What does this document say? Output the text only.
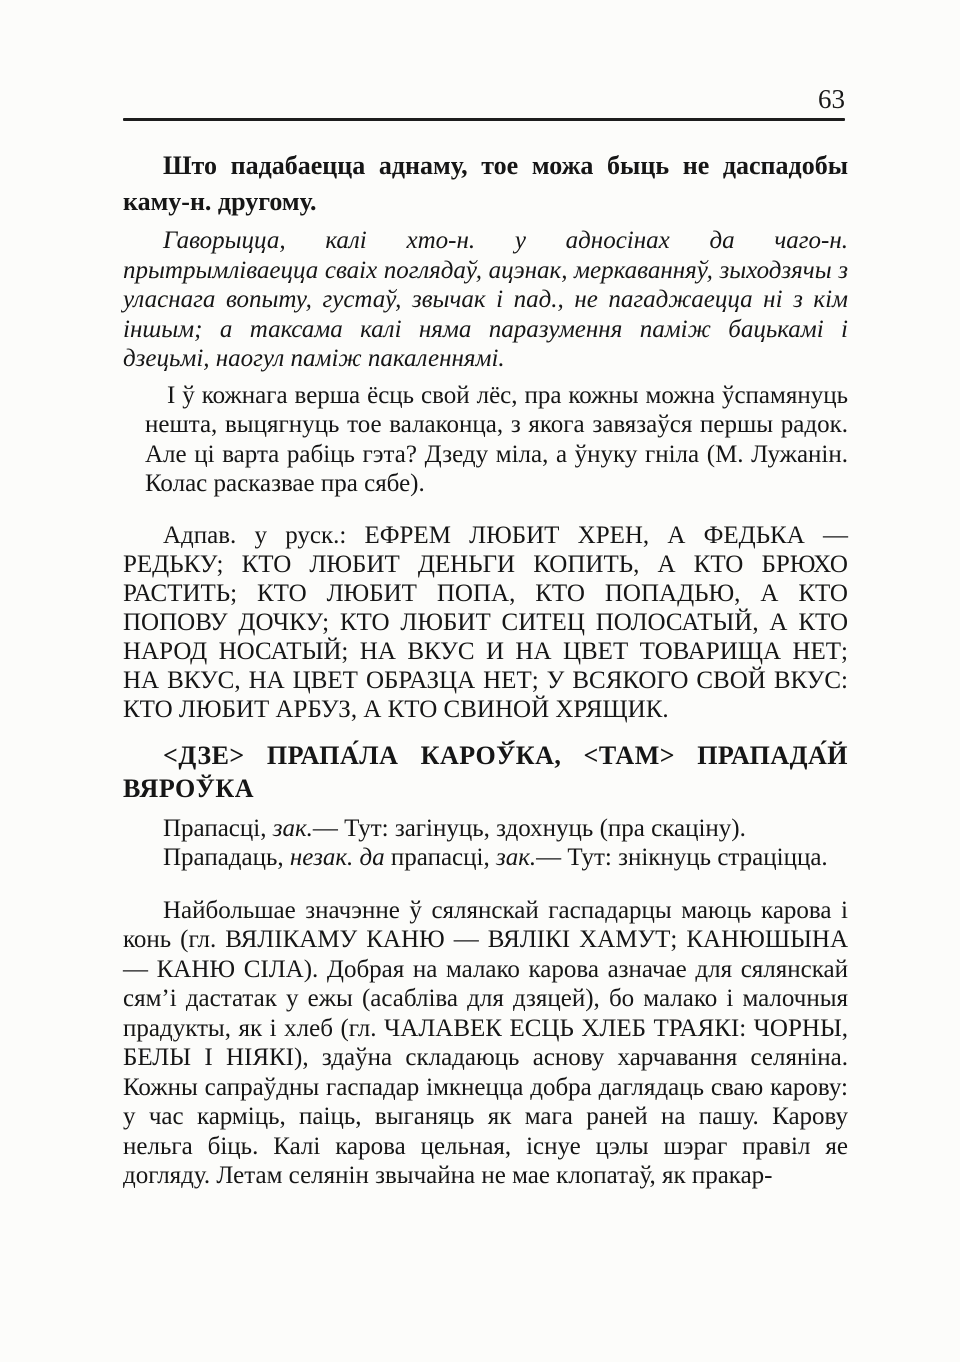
63

Што падабаецца аднаму, тое можа быць не даспадобы каму-н. другому.

Гаворыцца, калі хто-н. у адносінах да чаго-н. прытрымліваецца сваіх поглядаў, ацэнак, меркаванняў, зыходзячы з уласнага вопыту, густаў, звычак і пад., не пагаджаецца ні з кім іншым; а таксама калі няма паразумення паміж бацькамі і дзецьмі, наогул паміж пакаленнямі.

І ў кожнага верша ёсць свой лёс, пра кожны можна ўспамянуць нешта, выцягнуць тое валаконца, з якога завязаўся першы радок. Але ці варта рабіць гэта? Дзеду міла, а ўнуку гніла (М. Лужанін. Колас расказвае пра сябе).

Адпав. у руск.: ЕФРЕМ ЛЮБИТ ХРЕН, А ФЕДЬКА — РЕДЬКУ; КТО ЛЮБИТ ДЕНЬГИ КОПИТЬ, А КТО БРЮХО РАСТИТЬ; КТО ЛЮБИТ ПОПА, КТО ПОПАДЬЮ, А КТО ПОПОВУ ДОЧКУ; КТО ЛЮБИТ СИТЕЦ ПОЛОСАТЫЙ, А КТО НАРОД НОСАТЫЙ; НА ВКУС И НА ЦВЕТ ТОВАРИЩА НЕТ; НА ВКУС, НА ЦВЕТ ОБРАЗЦА НЕТ; У ВСЯКОГО СВОЙ ВКУС: КТО ЛЮБИТ АРБУЗ, А КТО СВИНОЙ ХРЯЩИК.

<ДЗЕ> ПРАПА́ЛА КАРОЎ́КА, <ТАМ> ПРАПАДА́Й ВЯРОЎКА

Прапасці, зак.— Тут: загінуць, здохнуць (пра скаціну).

Прападаць, незак. да прапасці, зак.— Тут: знікнуць страціцца.

Найбольшае значэнне ў сялянскай гаспадарцы маюць карова і конь (гл. ВЯЛІКАМУ КАНЮ — ВЯЛІКІ ХАМУТ; КАНЮШЫНА — КАНЮ СІЛА). Добрая на малако карова азначае для сялянскай сям’і дастатак у ежы (асабліва для дзяцей), бо малако і малочныя прадукты, як і хлеб (гл. ЧАЛАВЕК ЕСЦЬ ХЛЕБ ТРАЯКІ: ЧОРНЫ, БЕЛЫ І НІЯКІ), здаўна складаюць аснову харчавання селяніна. Кожны сапраўдны гаспадар імкнецца добра даглядаць сваю карову: у час карміць, паіць, выганяць як мага раней на пашу. Карову нельга біць. Калі карова цельная, існуе цэлы шэраг правіл яе догляду. Летам селянін звычайна не мае клопатаў, як пракар-
